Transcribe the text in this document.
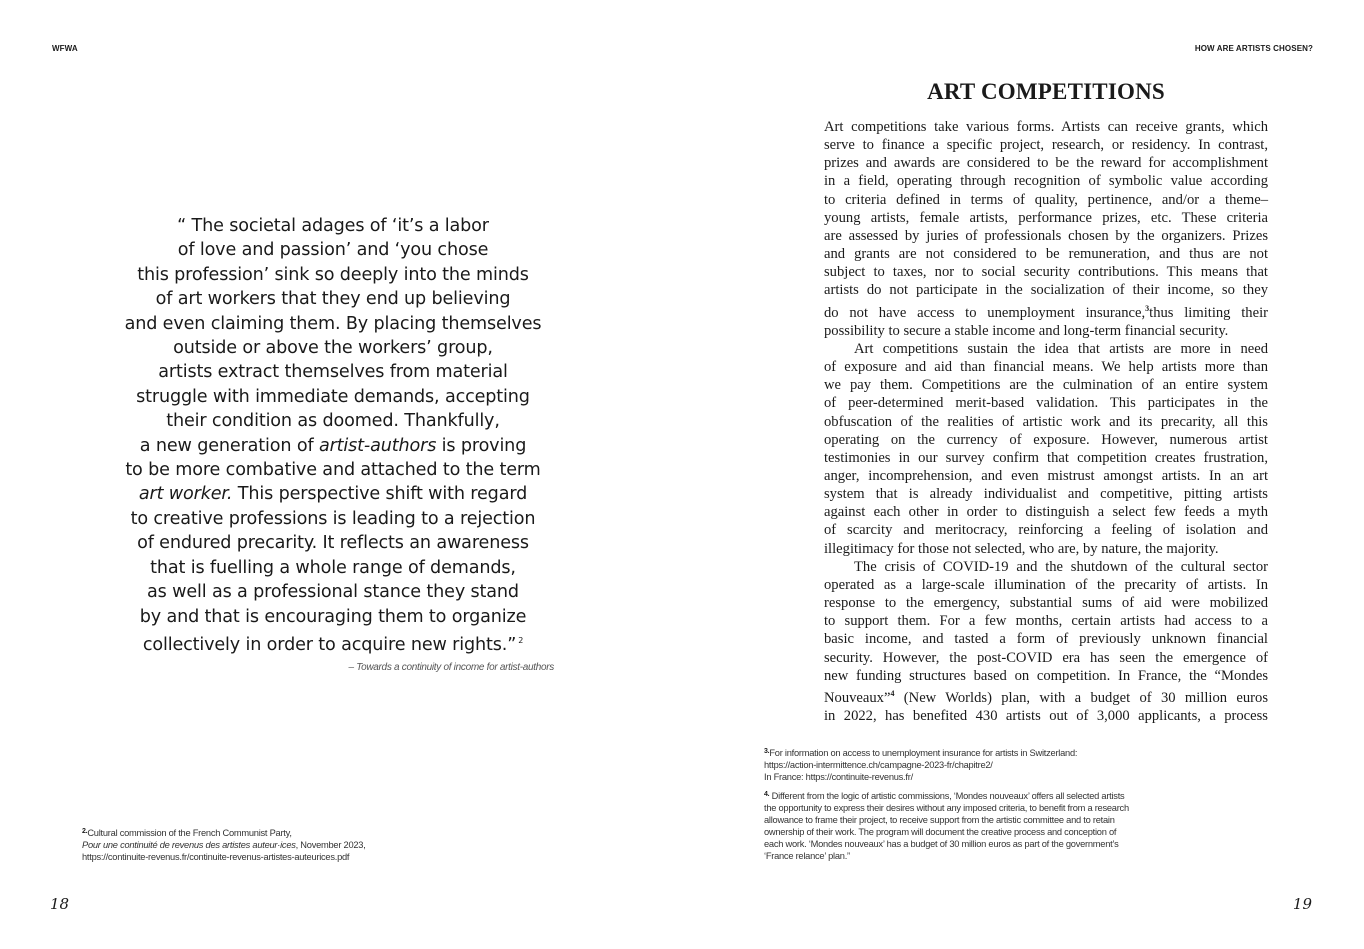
WFWA
“ The societal adages of ‘it’s a labor
of love and passion’ and ‘you chose
this profession’ sink so deeply into the minds
of art workers that they end up believing
and even claiming them. By placing themselves
outside or above the workers’ group,
artists extract themselves from material
struggle with immediate demands, accepting
their condition as doomed. Thankfully,
a new generation of artist-authors is proving
to be more combative and attached to the term
art worker. This perspective shift with regard
to creative professions is leading to a rejection
of endured precarity. It reflects an awareness
that is fuelling a whole range of demands,
as well as a professional stance they stand
by and that is encouraging them to organize
collectively in order to acquire new rights.” $^2$
– Towards a continuity of income for artist-authors
$^{2.}$Cultural commission of the French Communist Party,
Pour une continuité de revenus des artistes auteur·ices, November 2023,
https://continuite-revenus.fr/continuite-revenus-artistes-auteurices.pdf
18
HOW ARE ARTISTS CHOSEN?
ART COMPETITIONS
Art competitions take various forms. Artists can receive grants, which
serve to finance a specific project, research, or residency. In contrast,
prizes and awards are considered to be the reward for accomplishment
in a field, operating through recognition of symbolic value according
to criteria defined in terms of quality, pertinence, and/or a theme–
young artists, female artists, performance prizes, etc. These criteria
are assessed by juries of professionals chosen by the organizers. Prizes
and grants are not considered to be remuneration, and thus are not
subject to taxes, nor to social security contributions. This means that
artists do not participate in the socialization of their income, so they
do not have access to unemployment insurance,$^3$thus limiting their
possibility to secure a stable income and long-term financial security.
Art competitions sustain the idea that artists are more in need
of exposure and aid than financial means. We help artists more than
we pay them. Competitions are the culmination of an entire system
of peer-determined merit-based validation. This participates in the
obfuscation of the realities of artistic work and its precarity, all this
operating on the currency of exposure. However, numerous artist
testimonies in our survey confirm that competition creates frustration,
anger, incomprehension, and even mistrust amongst artists. In an art
system that is already individualist and competitive, pitting artists
against each other in order to distinguish a select few feeds a myth
of scarcity and meritocracy, reinforcing a feeling of isolation and
illegitimacy for those not selected, who are, by nature, the majority.
The crisis of COVID-19 and the shutdown of the cultural sector
operated as a large-scale illumination of the precarity of artists. In
response to the emergency, substantial sums of aid were mobilized
to support them. For a few months, certain artists had access to a
basic income, and tasted a form of previously unknown financial
security. However, the post-COVID era has seen the emergence of
new funding structures based on competition. In France, the “Mondes
Nouveaux”$^4$ (New Worlds) plan, with a budget of 30 million euros
in 2022, has benefited 430 artists out of 3,000 applicants, a process
$^{3.}$For information on access to unemployment insurance for artists in Switzerland:
https://action-intermittence.ch/campagne-2023-fr/chapitre2/
In France: https://continuite-revenus.fr/
$^{4.}$ Different from the logic of artistic commissions, ‘Mondes nouveaux’ offers all selected artists
the opportunity to express their desires without any imposed criteria, to benefit from a research
allowance to frame their project, to receive support from the artistic committee and to retain
ownership of their work. The program will document the creative process and conception of
each work. ‘Mondes nouveaux’ has a budget of 30 million euros as part of the government’s
‘France relance’ plan.”
19
